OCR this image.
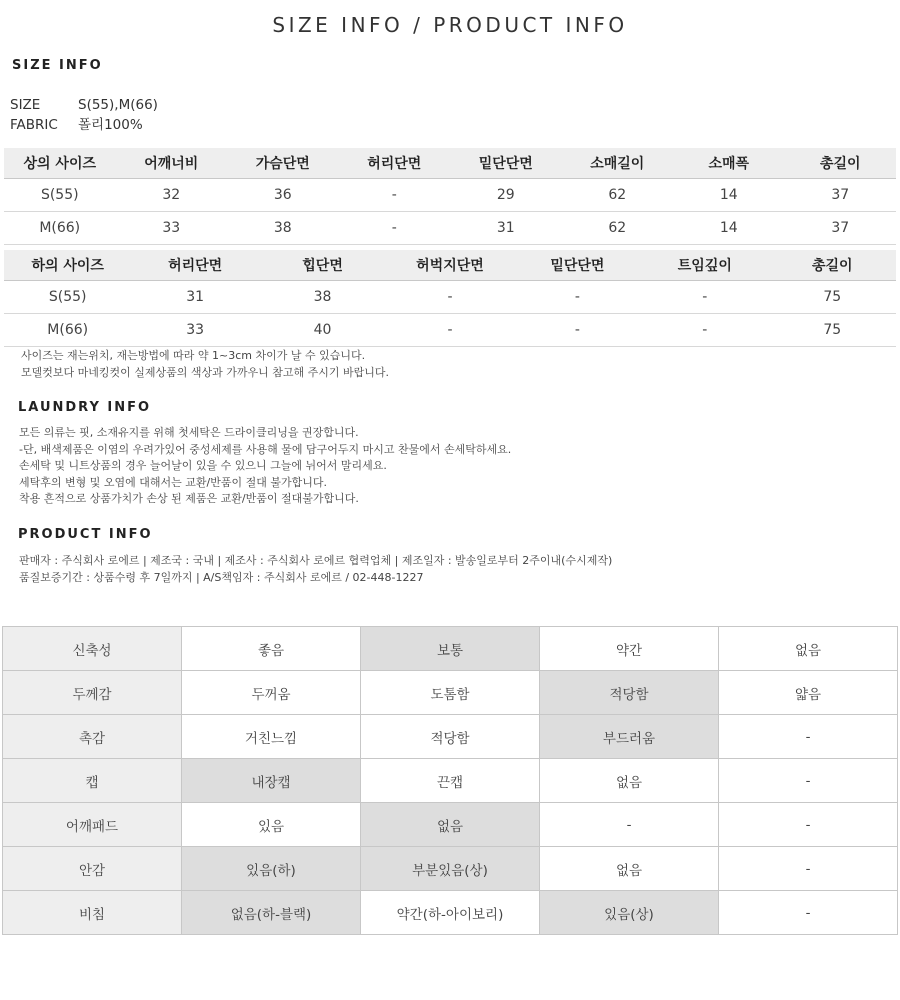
SIZE INFO / PRODUCT INFO
SIZE INFO
SIZE	S(55),M(66)
FABRIC 폴리100%
상의 사이즈	어깨너비	가슴단면	허리단면	밑단단면	소매길이	소매폭	총길이
S(55)	32	36	-	29	62	14	37
M(66)	33	38	-	31	62	14	37
하의 사이즈	허리단면	힙단면	허벅지단면	밑단단면	트임깊이	총길이
S(55)	31	38	-	-	-	75
M(66)	33	40	-	-	-	75
사이즈는 재는위치, 재는방법에 따라 약 1~3cm 차이가 날 수 있습니다.
모델컷보다 마네킹컷이 실제상품의 색상과 가까우니 참고해 주시기 바랍니다.
LAUNDRY INFO
모든 의류는 핏, 소재유지를 위해 첫세탁은 드라이클리닝을 권장합니다.
-단, 배색제품은 이염의 우려가있어 중성세제를 사용해 물에 담구어두지 마시고 찬물에서 손세탁하세요.
손세탁 및 니트상품의 경우 늘어날이 있을 수 있으니 그늘에 뉘어서 말리세요.
세탁후의 변형 및 오염에 대해서는 교환/반품이 절대 불가합니다.
착용 흔적으로 상품가치가 손상 된 제품은 교환/반품이 절대불가합니다.
PRODUCT INFO
판매자 : 주식회사 로에르 | 제조국 : 국내 | 제조사 : 주식회사 로에르 협력업체 | 제조일자 : 발송일로부터 2주이내(수시제작)
품질보증기간 : 상품수령 후 7일까지 | A/S책임자 : 주식회사 로에르 / 02-448-1227
신축성	좋음	보통	약간	없음
두께감	두꺼움	도톰함	적당함	얇음
촉감	거친느낌	적당함	부드러움	-
캡	내장캡	끈캡	없음	-
어깨패드	있음	없음	-	-
안감	있음(하)	부분있음(상)	없음	-
비침	없음(하-블랙)	약간(하-아이보리)	있음(상)	-
